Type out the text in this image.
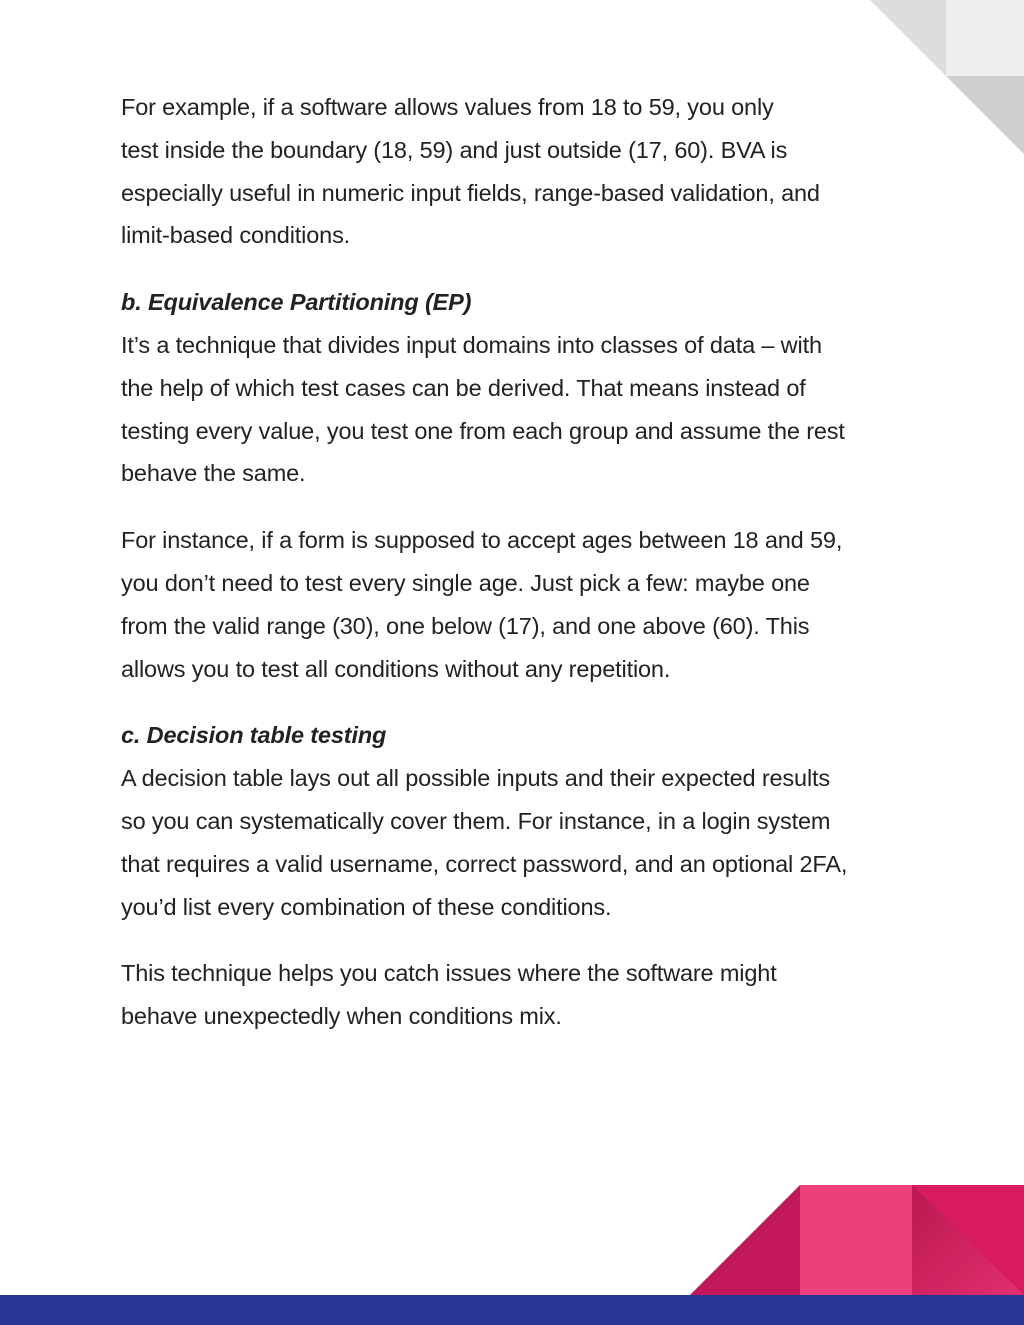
For example, if a software allows values from 18 to 59, you only
test inside the boundary (18, 59) and just outside (17, 60). BVA is
especially useful in numeric input fields, range-based validation, and
limit-based conditions.

b. Equivalence Partitioning (EP)

It’s a technique that divides input domains into classes of data – with
the help of which test cases can be derived. That means instead of
testing every value, you test one from each group and assume the rest
behave the same.

For instance, if a form is supposed to accept ages between 18 and 59,
you don’t need to test every single age. Just pick a few: maybe one
from the valid range (30), one below (17), and one above (60). This
allows you to test all conditions without any repetition.

c. Decision table testing

A decision table lays out all possible inputs and their expected results
so you can systematically cover them. For instance, in a login system
that requires a valid username, correct password, and an optional 2FA,
you’d list every combination of these conditions.

This technique helps you catch issues where the software might
behave unexpectedly when conditions mix.
